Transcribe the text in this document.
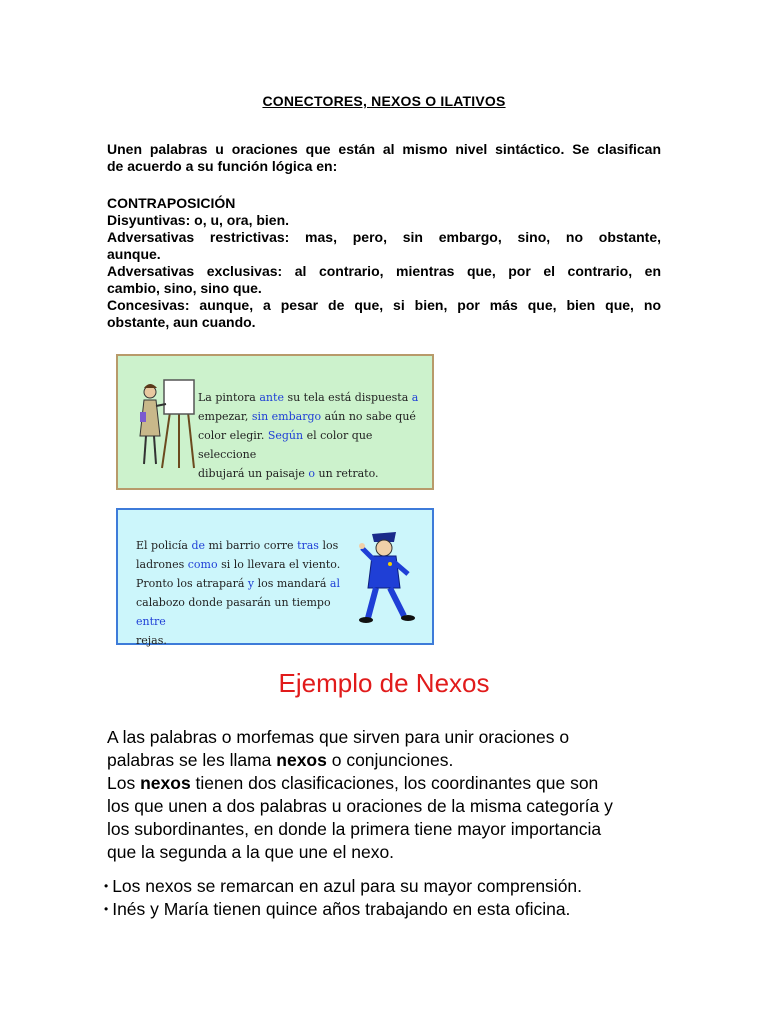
CONECTORES, NEXOS O ILATIVOS
Unen palabras u oraciones que están al mismo nivel sintáctico. Se clasifican
de acuerdo a su función lógica en:
CONTRAPOSICIÓN
Disyuntivas: o, u, ora, bien.
Adversativas restrictivas: mas, pero, sin embargo, sino, no obstante,
aunque.
Adversativas exclusivas: al contrario, mientras que, por el contrario, en
cambio, sino, sino que.
Concesivas: aunque, a pesar de que, si bien, por más que, bien que, no
obstante, aun cuando.
La pintora ante su tela está dispuesta a
empezar, sin embargo aún no sabe qué
color elegir. Según el color que seleccione
dibujará un paisaje o un retrato.
El policía de mi barrio corre tras los
ladrones como si lo llevara el viento.
Pronto los atrapará y los mandará al
calabozo donde pasarán un tiempo entre
rejas.
Ejemplo de Nexos
A las palabras o morfemas que sirven para unir oraciones o
palabras se les llama nexos o conjunciones.
Los nexos tienen dos clasificaciones, los coordinantes que son
los que unen a dos palabras u oraciones de la misma categoría y
los subordinantes, en donde la primera tiene mayor importancia
que la segunda a la que une el nexo.
• Los nexos se remarcan en azul para su mayor comprensión.
• Inés y María tienen quince años trabajando en esta oficina.
